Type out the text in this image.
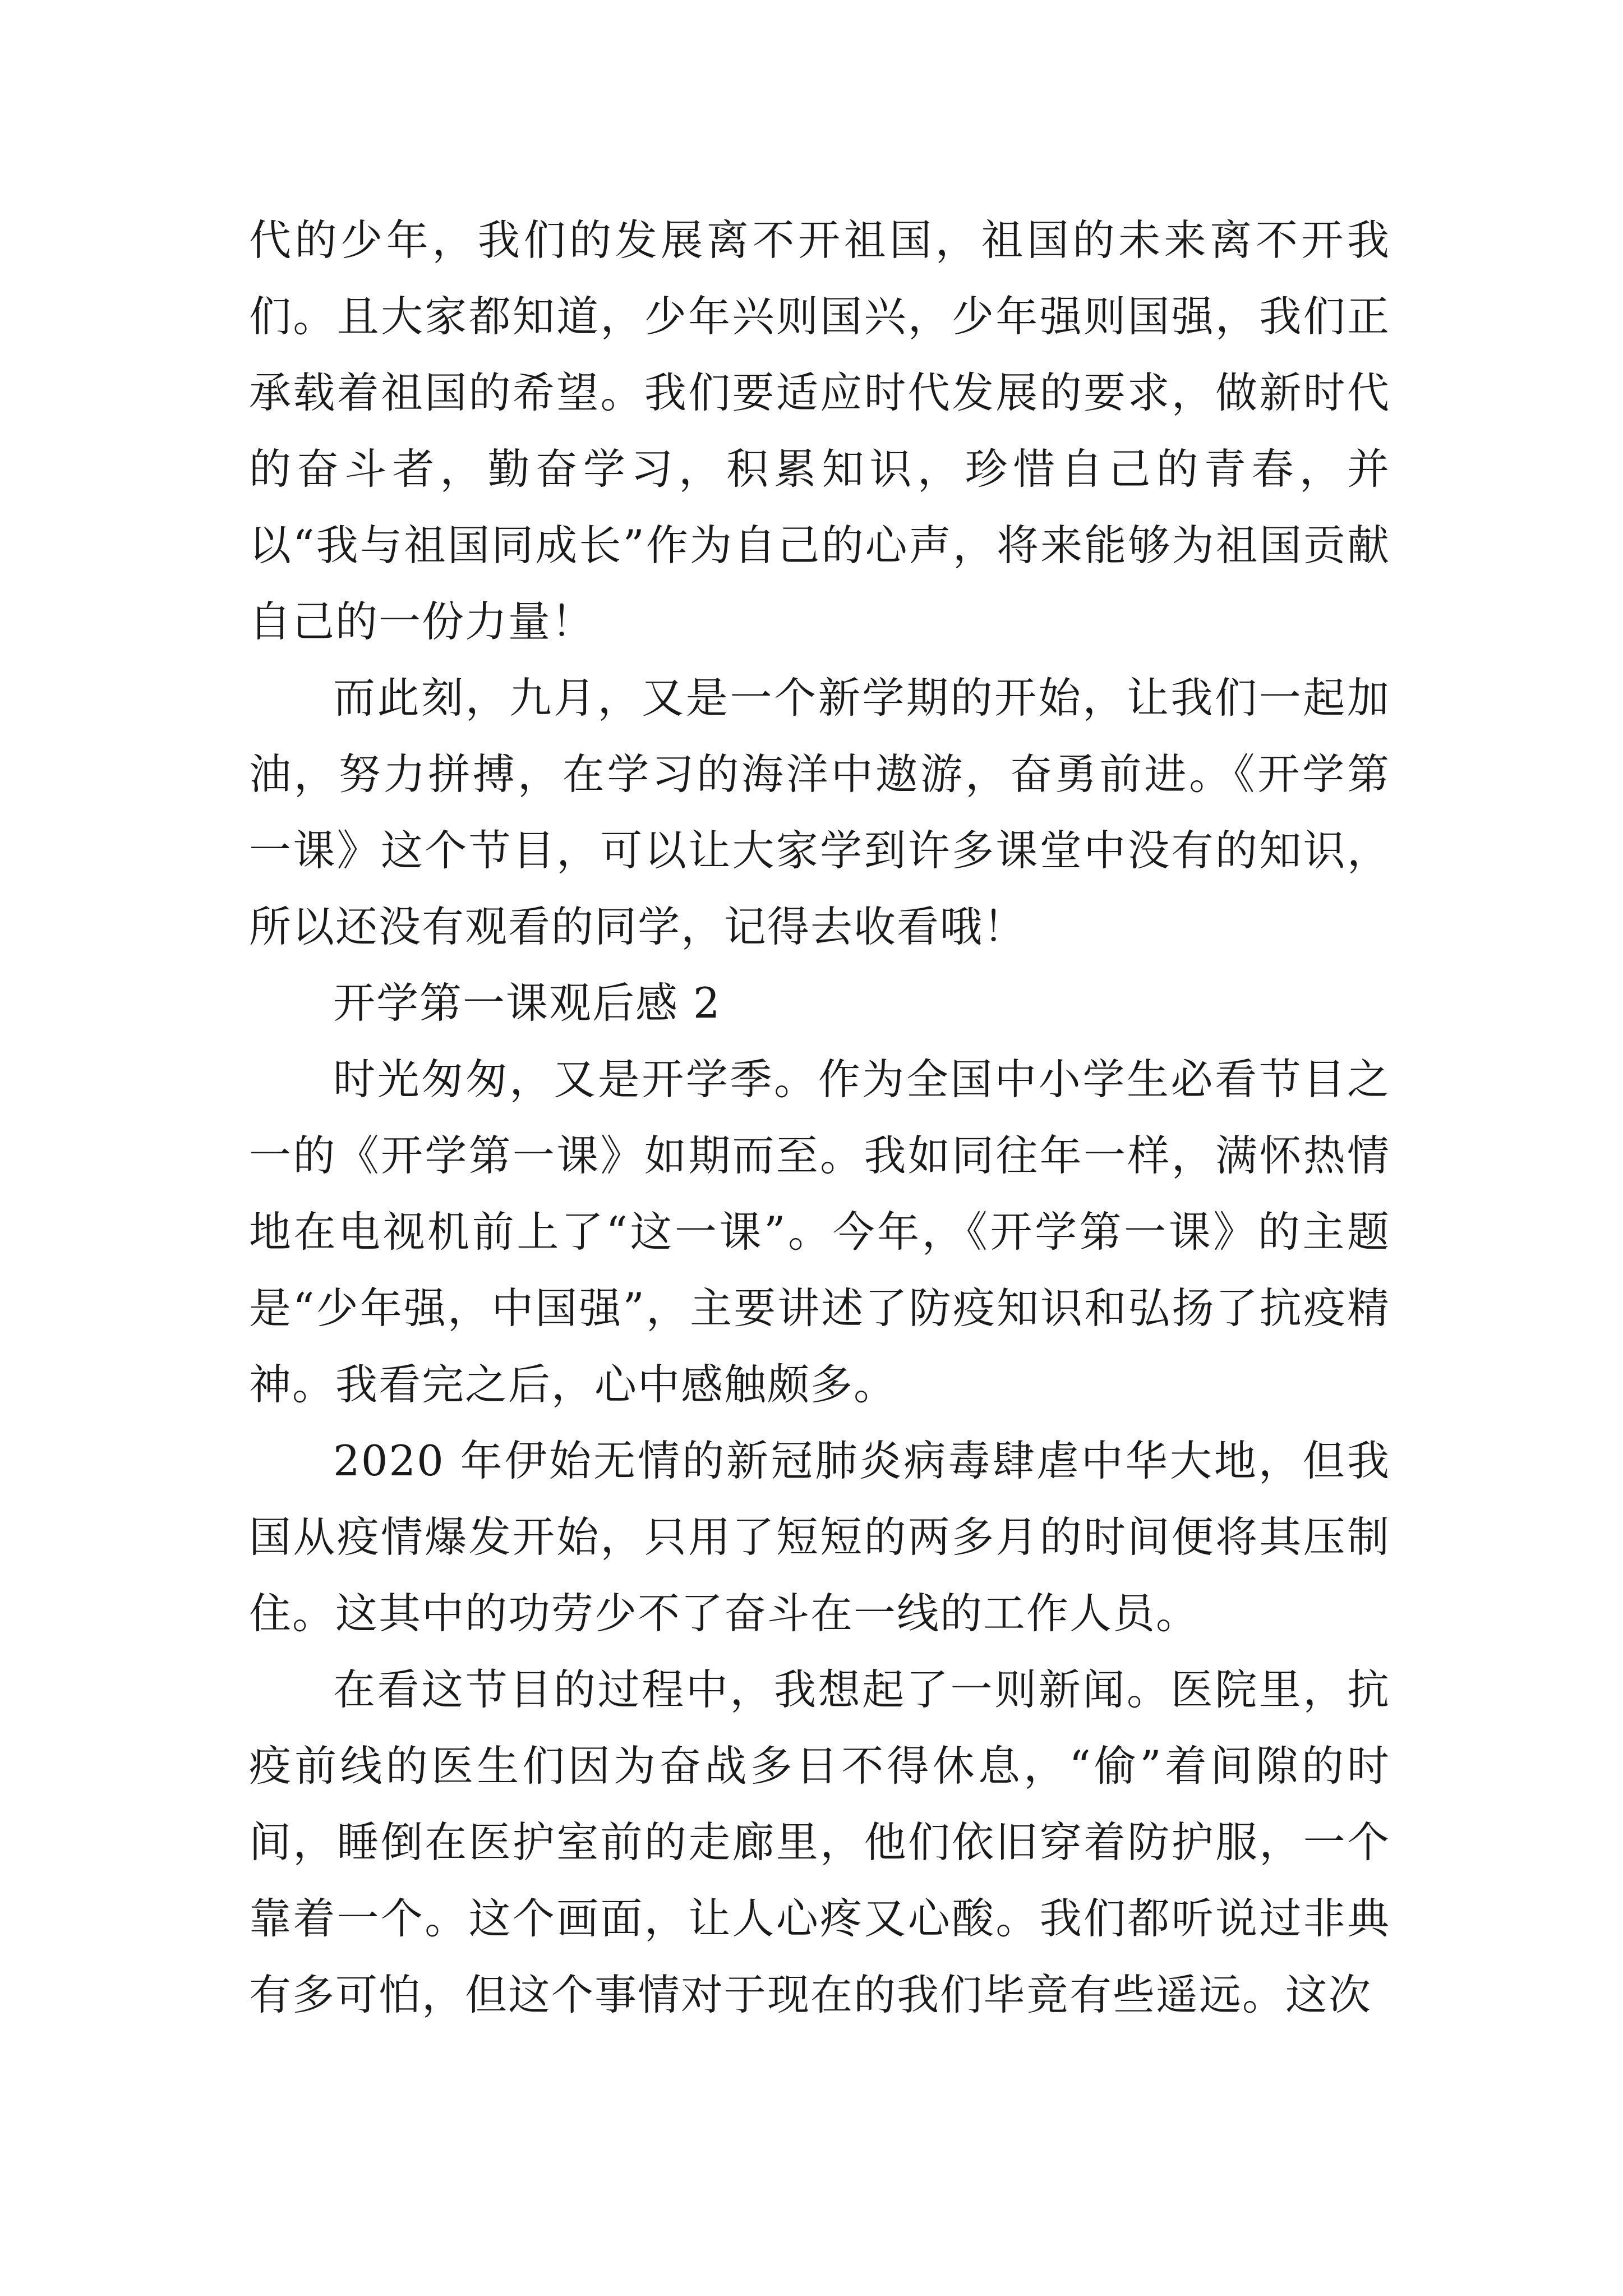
代的少年，我们的发展离不开祖国，祖国的未来离不开我们。且大家都知道，少年兴则国兴，少年强则国强，我们正承载着祖国的希望。我们要适应时代发展的要求，做新时代的奋斗者，勤奋学习，积累知识，珍惜自己的青春，并以“我与祖国同成长”作为自己的心声，将来能够为祖国贡献自己的一份力量！

而此刻，九月，又是一个新学期的开始，让我们一起加油，努力拼搏，在学习的海洋中遨游，奋勇前进。《开学第一课》这个节目，可以让大家学到许多课堂中没有的知识，所以还没有观看的同学，记得去收看哦！

开学第一课观后感 2

时光匆匆，又是开学季。作为全国中小学生必看节目之一的《开学第一课》如期而至。我如同往年一样，满怀热情地在电视机前上了“这一课”。今年，《开学第一课》的主题是“少年强，中国强”，主要讲述了防疫知识和弘扬了抗疫精神。我看完之后，心中感触颇多。

2020 年伊始无情的新冠肺炎病毒肆虐中华大地，但我国从疫情爆发开始，只用了短短的两多月的时间便将其压制住。这其中的功劳少不了奋斗在一线的工作人员。

在看这节目的过程中，我想起了一则新闻。医院里，抗疫前线的医生们因为奋战多日不得休息，“偷”着间隙的时间，睡倒在医护室前的走廊里，他们依旧穿着防护服，一个靠着一个。这个画面，让人心疼又心酸。我们都听说过非典有多可怕，但这个事情对于现在的我们毕竟有些遥远。这次
